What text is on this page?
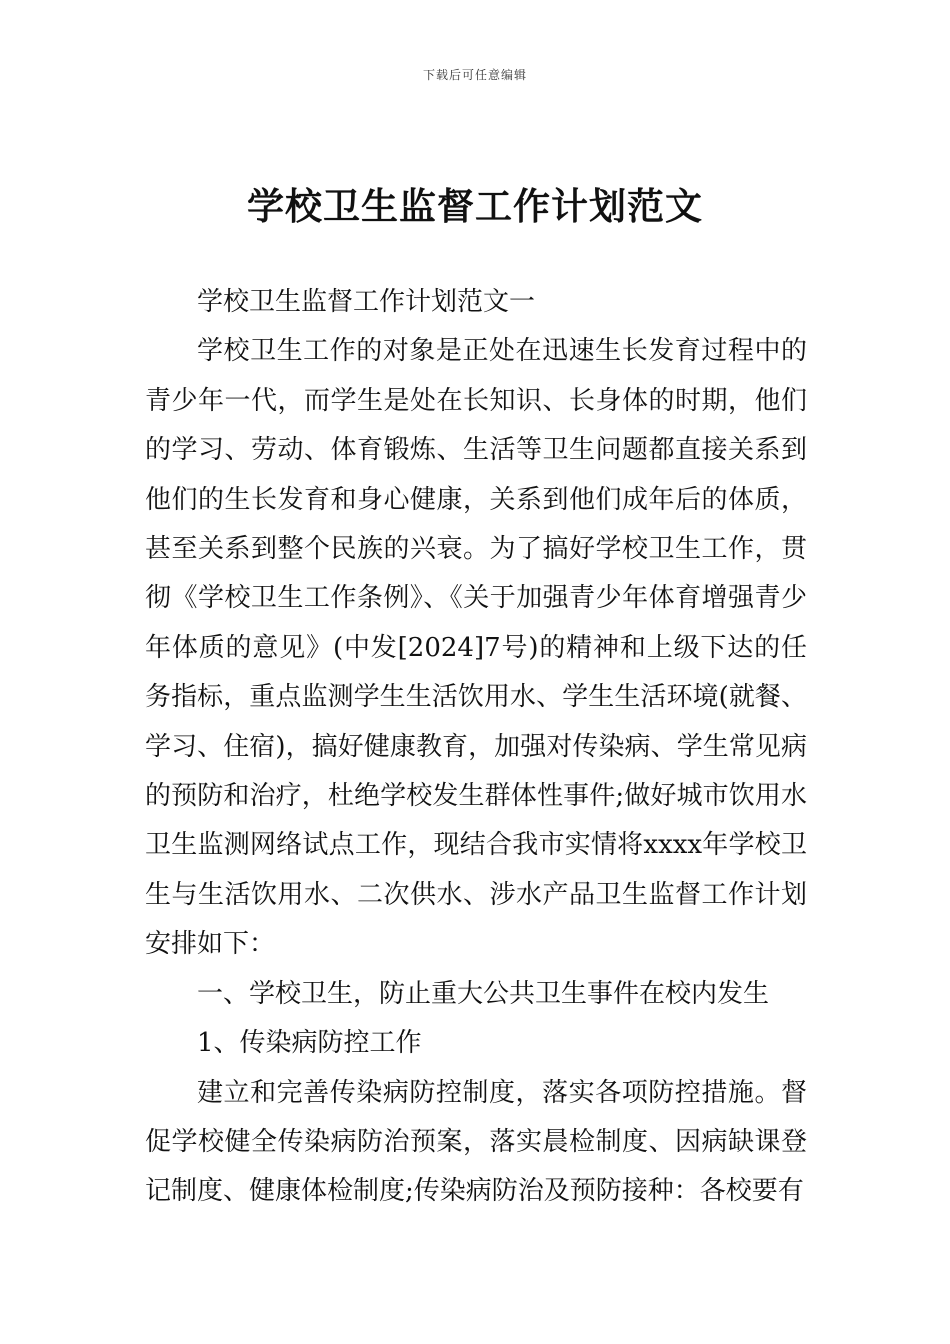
下载后可任意编辑
学校卫生监督工作计划范文

学校卫生监督工作计划范文一

学校卫生工作的对象是正处在迅速生长发育过程中的青少年一代，而学生是处在长知识、长身体的时期，他们的学习、劳动、体育锻炼、生活等卫生问题都直接关系到他们的生长发育和身心健康，关系到他们成年后的体质，甚至关系到整个民族的兴衰。为了搞好学校卫生工作，贯彻《学校卫生工作条例》、《关于加强青少年体育增强青少年体质的意见》(中发[2024]7号)的精神和上级下达的任务指标，重点监测学生生活饮用水、学生生活环境(就餐、学习、住宿)，搞好健康教育，加强对传染病、学生常见病的预防和治疗，杜绝学校发生群体性事件;做好城市饮用水卫生监测网络试点工作，现结合我市实情将xxxx年学校卫生与生活饮用水、二次供水、涉水产品卫生监督工作计划安排如下：

一、学校卫生，防止重大公共卫生事件在校内发生

1、传染病防控工作

建立和完善传染病防控制度，落实各项防控措施。督促学校健全传染病防治预案，落实晨检制度、因病缺课登记制度、健康体检制度;传染病防治及预防接种：各校要有
